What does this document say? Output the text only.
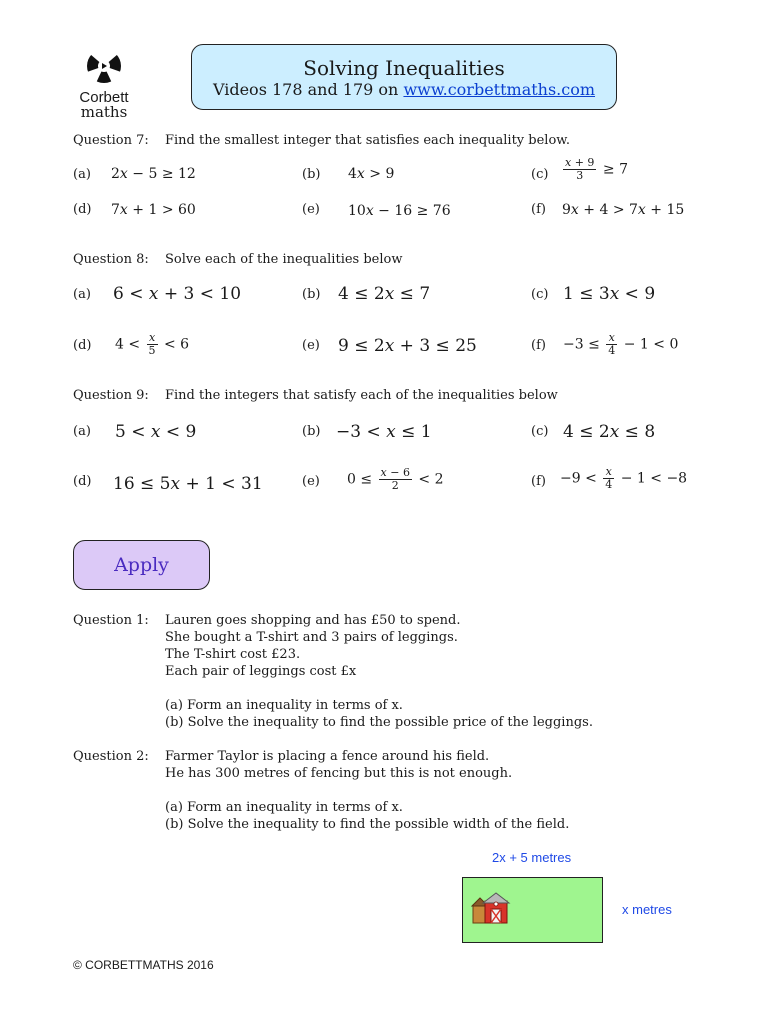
Corbett
maths
Solving Inequalities
Videos 178 and 179 on www.corbettmaths.com
Question 7: Find the smallest integer that satisfies each inequality below.
(a) 2x − 5 ≥ 12	(b) 4x > 9	$(c) \frac{x + 9}{3} \ge 7$
(d) 7x + 1 > 60	(e) 10x − 16 ≥ 76	(f) 9x + 4 > 7x + 15
Question 8: Solve each of the inequalities below
(a) 6 < x + 3 < 10	(b) 4 ≤ 2x ≤ 7	(c) 1 ≤ 3x < 9
(d) $4 < \frac{x}{5} < 6$	(e) 9 ≤ 2x + 3 ≤ 25	$(f) -3 \le \frac{x}{4} - 1 < 0$
Question 9: Find the integers that satisfy each of the inequalities below
(a) 5 < x < 9	(b) −3 < x ≤ 1	(c) 4 ≤ 2x ≤ 8
(d) 16 ≤ 5x + 1 < 31	(e) $0 \le \frac{x - 6}{2} < 2$	$(f) -9 < \frac{x}{4} - 1 < -8$
Apply
Question 1: Lauren goes shopping and has £50 to spend.
She bought a T-shirt and 3 pairs of leggings.
The T-shirt cost £23.
Each pair of leggings cost £x
(a) Form an inequality in terms of x.
(b) Solve the inequality to find the possible price of the leggings.
Question 2: Farmer Taylor is placing a fence around his field.
He has 300 metres of fencing but this is not enough.
(a) Form an inequality in terms of x.
(b) Solve the inequality to find the possible width of the field.
2x + 5 metres
x metres
© CORBETTMATHS 2016
